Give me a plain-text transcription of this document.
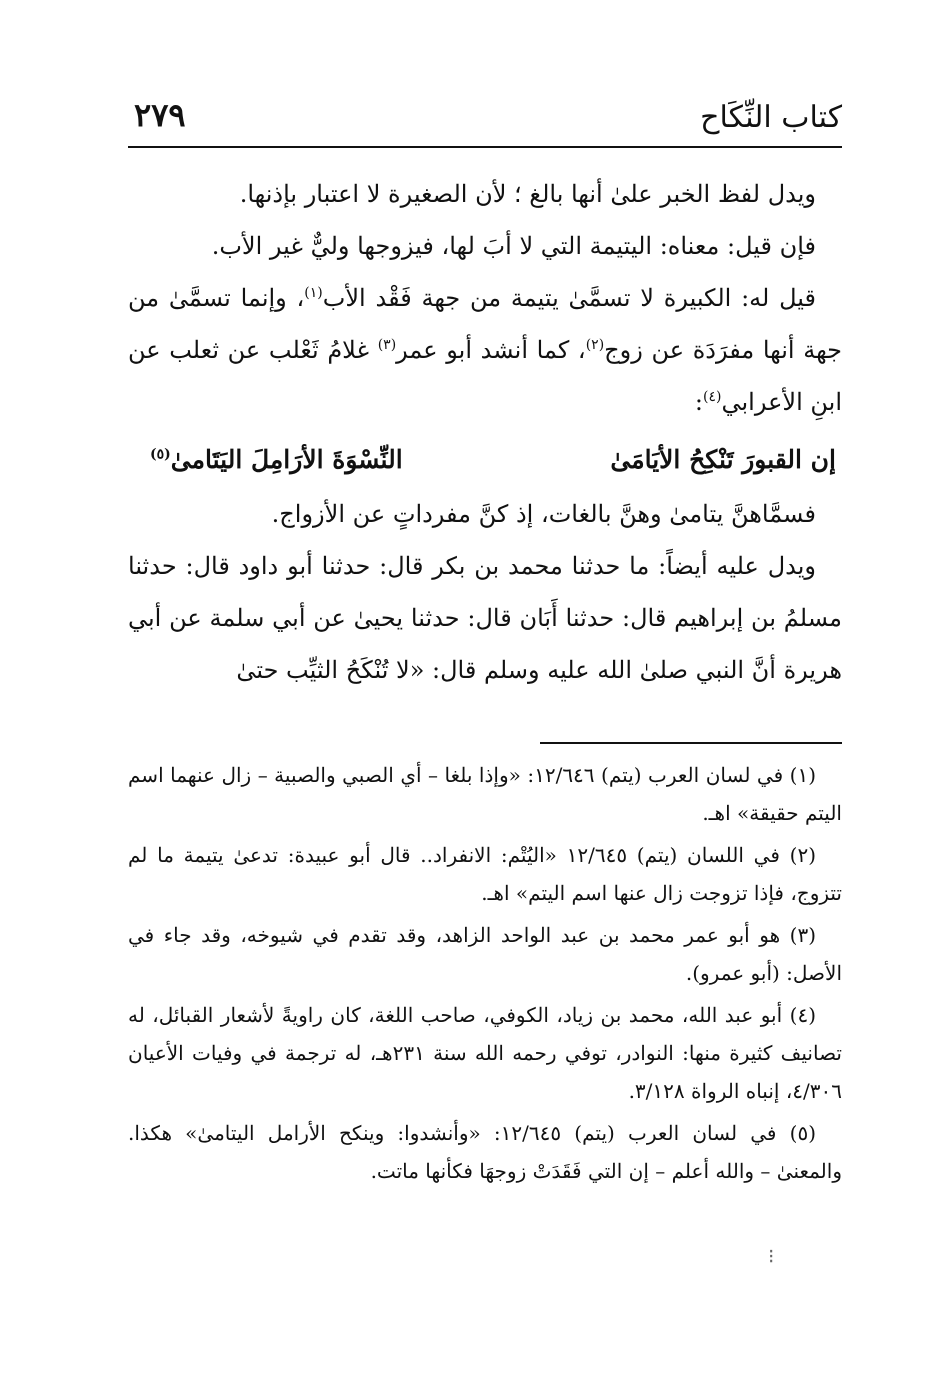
كتاب النِّكَاح
٢٧٩

ويدل لفظ الخبر علىٰ أنها بالغ ؛ لأن الصغيرة لا اعتبار بإذنها.

فإن قيل: معناه: اليتيمة التي لا أبَ لها، فيزوجها وليٌّ غير الأب.

قيل له: الكبيرة لا تسمَّىٰ يتيمة من جهة فَقْد الأب$^{(١)}$، وإنما تسمَّىٰ من جهة أنها مفرَدَة عن زوج$^{(٢)}$، كما أنشد أبو عمر$^{(٣)}$ غلامُ ثَعْلب عن ثعلب عن ابنِ الأعرابي$^{(٤)}$:

إن القبورَ تَنْكِحُ الأيَامَىٰ
النِّسْوَةَ الأرَامِلَ اليَتَامىٰ$^{(٥)}$

فسمَّاهنَّ يتامىٰ وهنَّ بالغات، إذ كنَّ مفرداتٍ عن الأزواج.

ويدل عليه أيضاً: ما حدثنا محمد بن بكر قال: حدثنا أبو داود قال: حدثنا مسلمُ بن إبراهيم قال: حدثنا أَبَان قال: حدثنا يحيىٰ عن أبي سلمة عن أبي هريرة أنَّ النبي صلىٰ الله عليه وسلم قال: «لا تُنْكَحُ الثيِّب حتىٰ

(١) في لسان العرب (يتم) ١٢/٦٤٦: «وإذا بلغا – أي الصبي والصبية – زال عنهما اسم اليتم حقيقة» اهـ.

(٢) في اللسان (يتم) ١٢/٦٤٥ «اليُتْم: الانفراد.. قال أبو عبيدة: تدعىٰ يتيمة ما لم تتزوج، فإذا تزوجت زال عنها اسم اليتم» اهـ.

(٣) هو أبو عمر محمد بن عبد الواحد الزاهد، وقد تقدم في شيوخه، وقد جاء في الأصل: (أبو عمرو).

(٤) أبو عبد الله، محمد بن زياد، الكوفي، صاحب اللغة، كان راويةً لأشعار القبائل، له تصانيف كثيرة منها: النوادر، توفي رحمه الله سنة ٢٣١هـ، له ترجمة في وفيات الأعيان ٤/٣٠٦، إنباه الرواة ٣/١٢٨.

(٥) في لسان العرب (يتم) ١٢/٦٤٥: «وأنشدوا: وينكح الأرامل اليتامىٰ» هكذا. والمعنىٰ – والله أعلم – إن التي فَقَدَتْ زوجهَا فكأنها ماتت.

⁝
